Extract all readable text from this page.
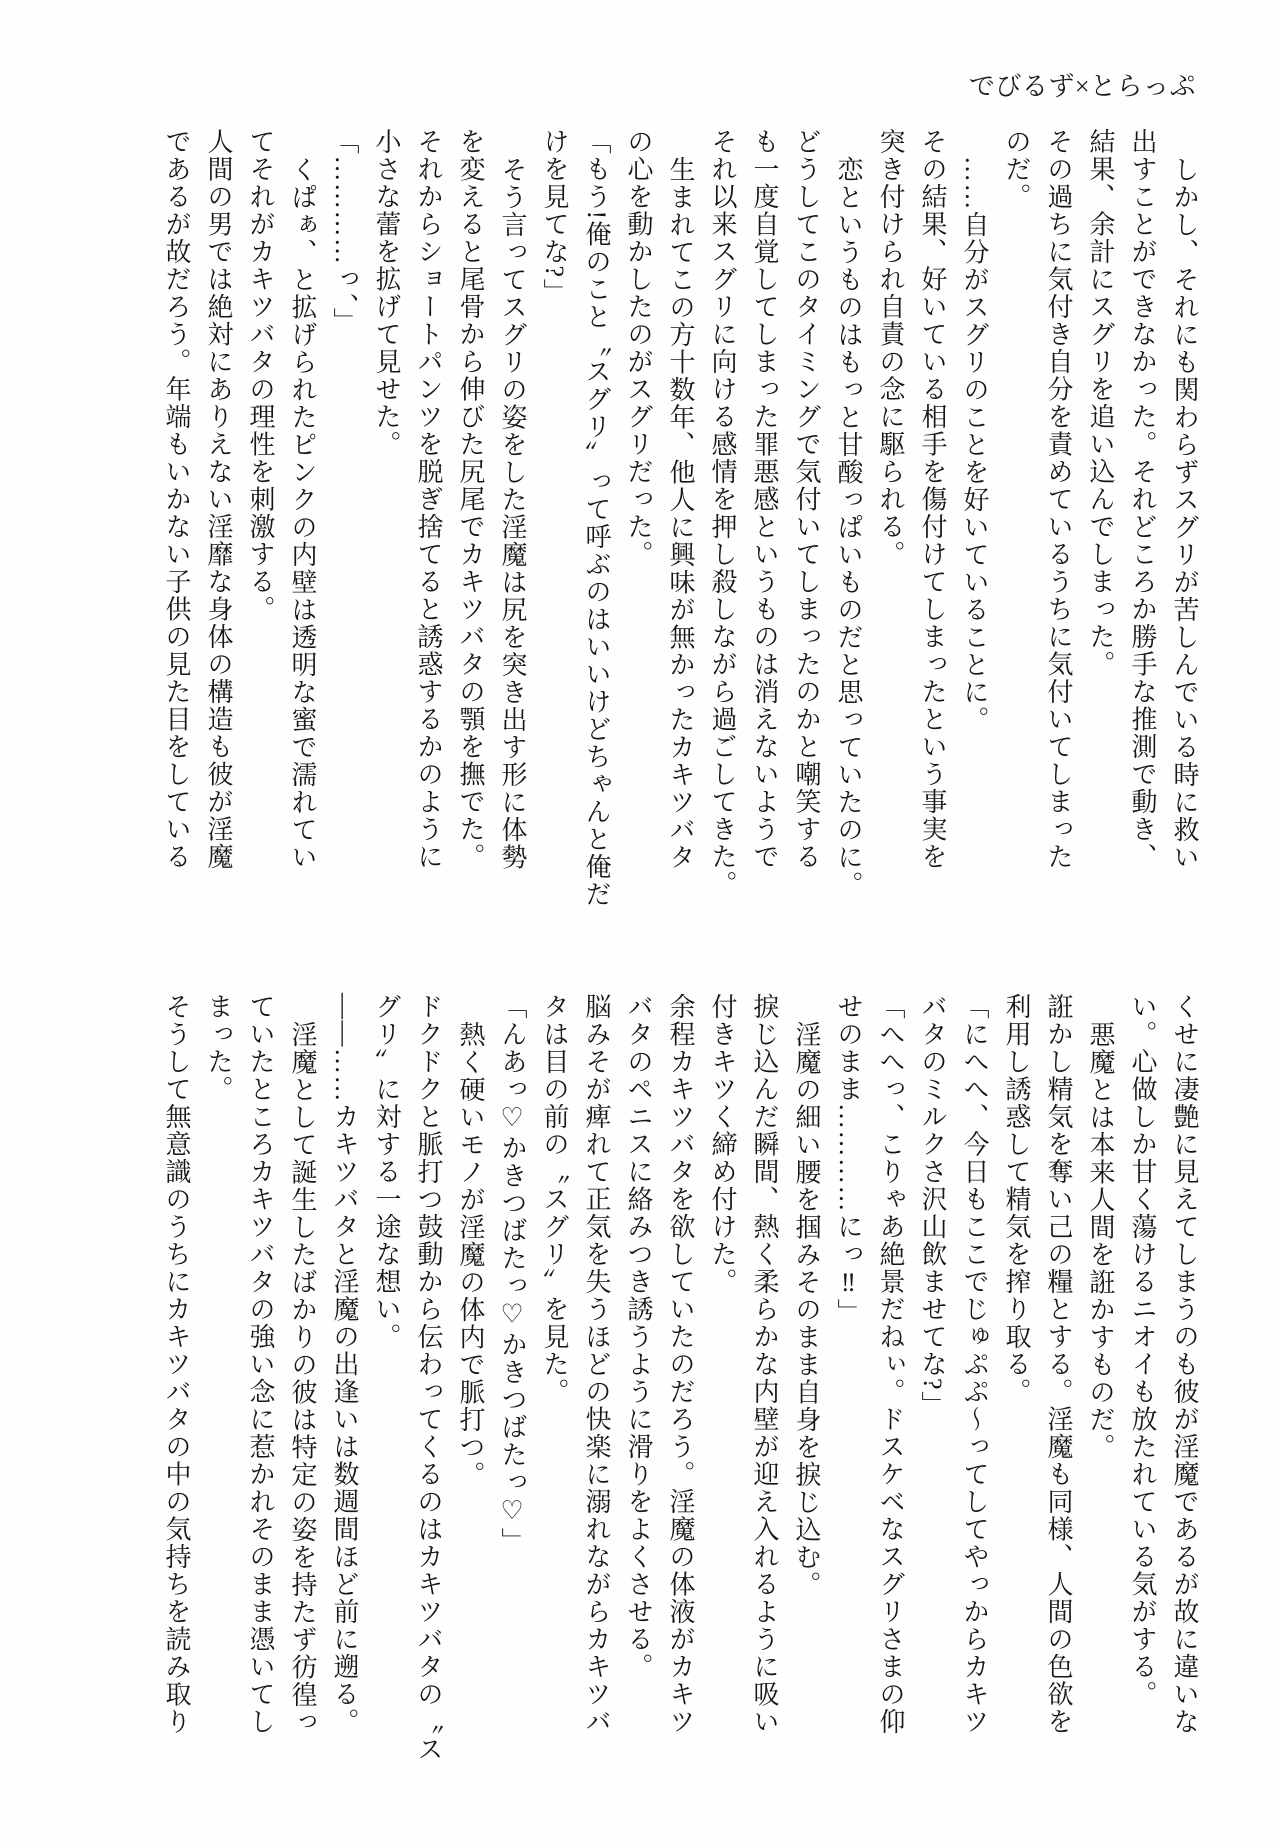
でびるず×とらっぷ

しかし、それにも関わらずスグリが苦しんでいる時に救い

出すことができなかった。それどころか勝手な推測で動き、

結果、余計にスグリを追い込んでしまった。

その過ちに気付き自分を責めているうちに気付いてしまった

のだ。

……自分がスグリのことを好いていることに。

その結果、好いている相手を傷付けてしまったという事実を

突き付けられ自責の念に駆られる。

恋というものはもっと甘酸っぱいものだと思っていたのに。

どうしてこのタイミングで気付いてしまったのかと嘲笑する

も一度自覚してしまった罪悪感というものは消えないようで

それ以来スグリに向ける感情を押し殺しながら過ごしてきた。

生まれてこの方十数年、他人に興味が無かったカキツバタ

の心を動かしたのがスグリだった。

「もう!俺のこと〝スグリ〟って呼ぶのはいいけどちゃんと俺だ

けを見てな?」

そう言ってスグリの姿をした淫魔は尻を突き出す形に体勢

を変えると尾骨から伸びた尻尾でカキツバタの顎を撫でた。

それからショートパンツを脱ぎ捨てると誘惑するかのように

小さな蕾を拡げて見せた。

「…………っ、」

くぱぁ、と拡げられたピンクの内壁は透明な蜜で濡れてい

てそれがカキツバタの理性を刺激する。

人間の男では絶対にありえない淫靡な身体の構造も彼が淫魔

であるが故だろう。年端もいかない子供の見た目をしている

くせに凄艶に見えてしまうのも彼が淫魔であるが故に違いな

い。心做しか甘く蕩けるニオイも放たれている気がする。

悪魔とは本来人間を誑かすものだ。

誑かし精気を奪い己の糧とする。淫魔も同様、人間の色欲を

利用し誘惑して精気を搾り取る。

「にへへ、今日もここでじゅぷぷ〜ってしてやっからカキツ

バタのミルクさ沢山飲ませてな?」

「へへっ、こりゃあ絶景だねぃ。ドスケベなスグリさまの仰

せのまま…………にっ‼」

淫魔の細い腰を掴みそのまま自身を捩じ込む。

捩じ込んだ瞬間、熱く柔らかな内壁が迎え入れるように吸い

付きキツく締め付けた。

余程カキツバタを欲していたのだろう。淫魔の体液がカキツ

バタのペニスに絡みつき誘うように滑りをよくさせる。

脳みそが痺れて正気を失うほどの快楽に溺れながらカキツバ

タは目の前の〝スグリ〟を見た。

「んあっ♡かきつばたっ♡かきつばたっ♡」

熱く硬いモノが淫魔の体内で脈打つ。

ドクドクと脈打つ鼓動から伝わってくるのはカキツバタの〝ス

グリ〟に対する一途な想い。

――……カキツバタと淫魔の出逢いは数週間ほど前に遡る。

淫魔として誕生したばかりの彼は特定の姿を持たず彷徨っ

ていたところカキツバタの強い念に惹かれそのまま憑いてし

まった。

そうして無意識のうちにカキツバタの中の気持ちを読み取り
